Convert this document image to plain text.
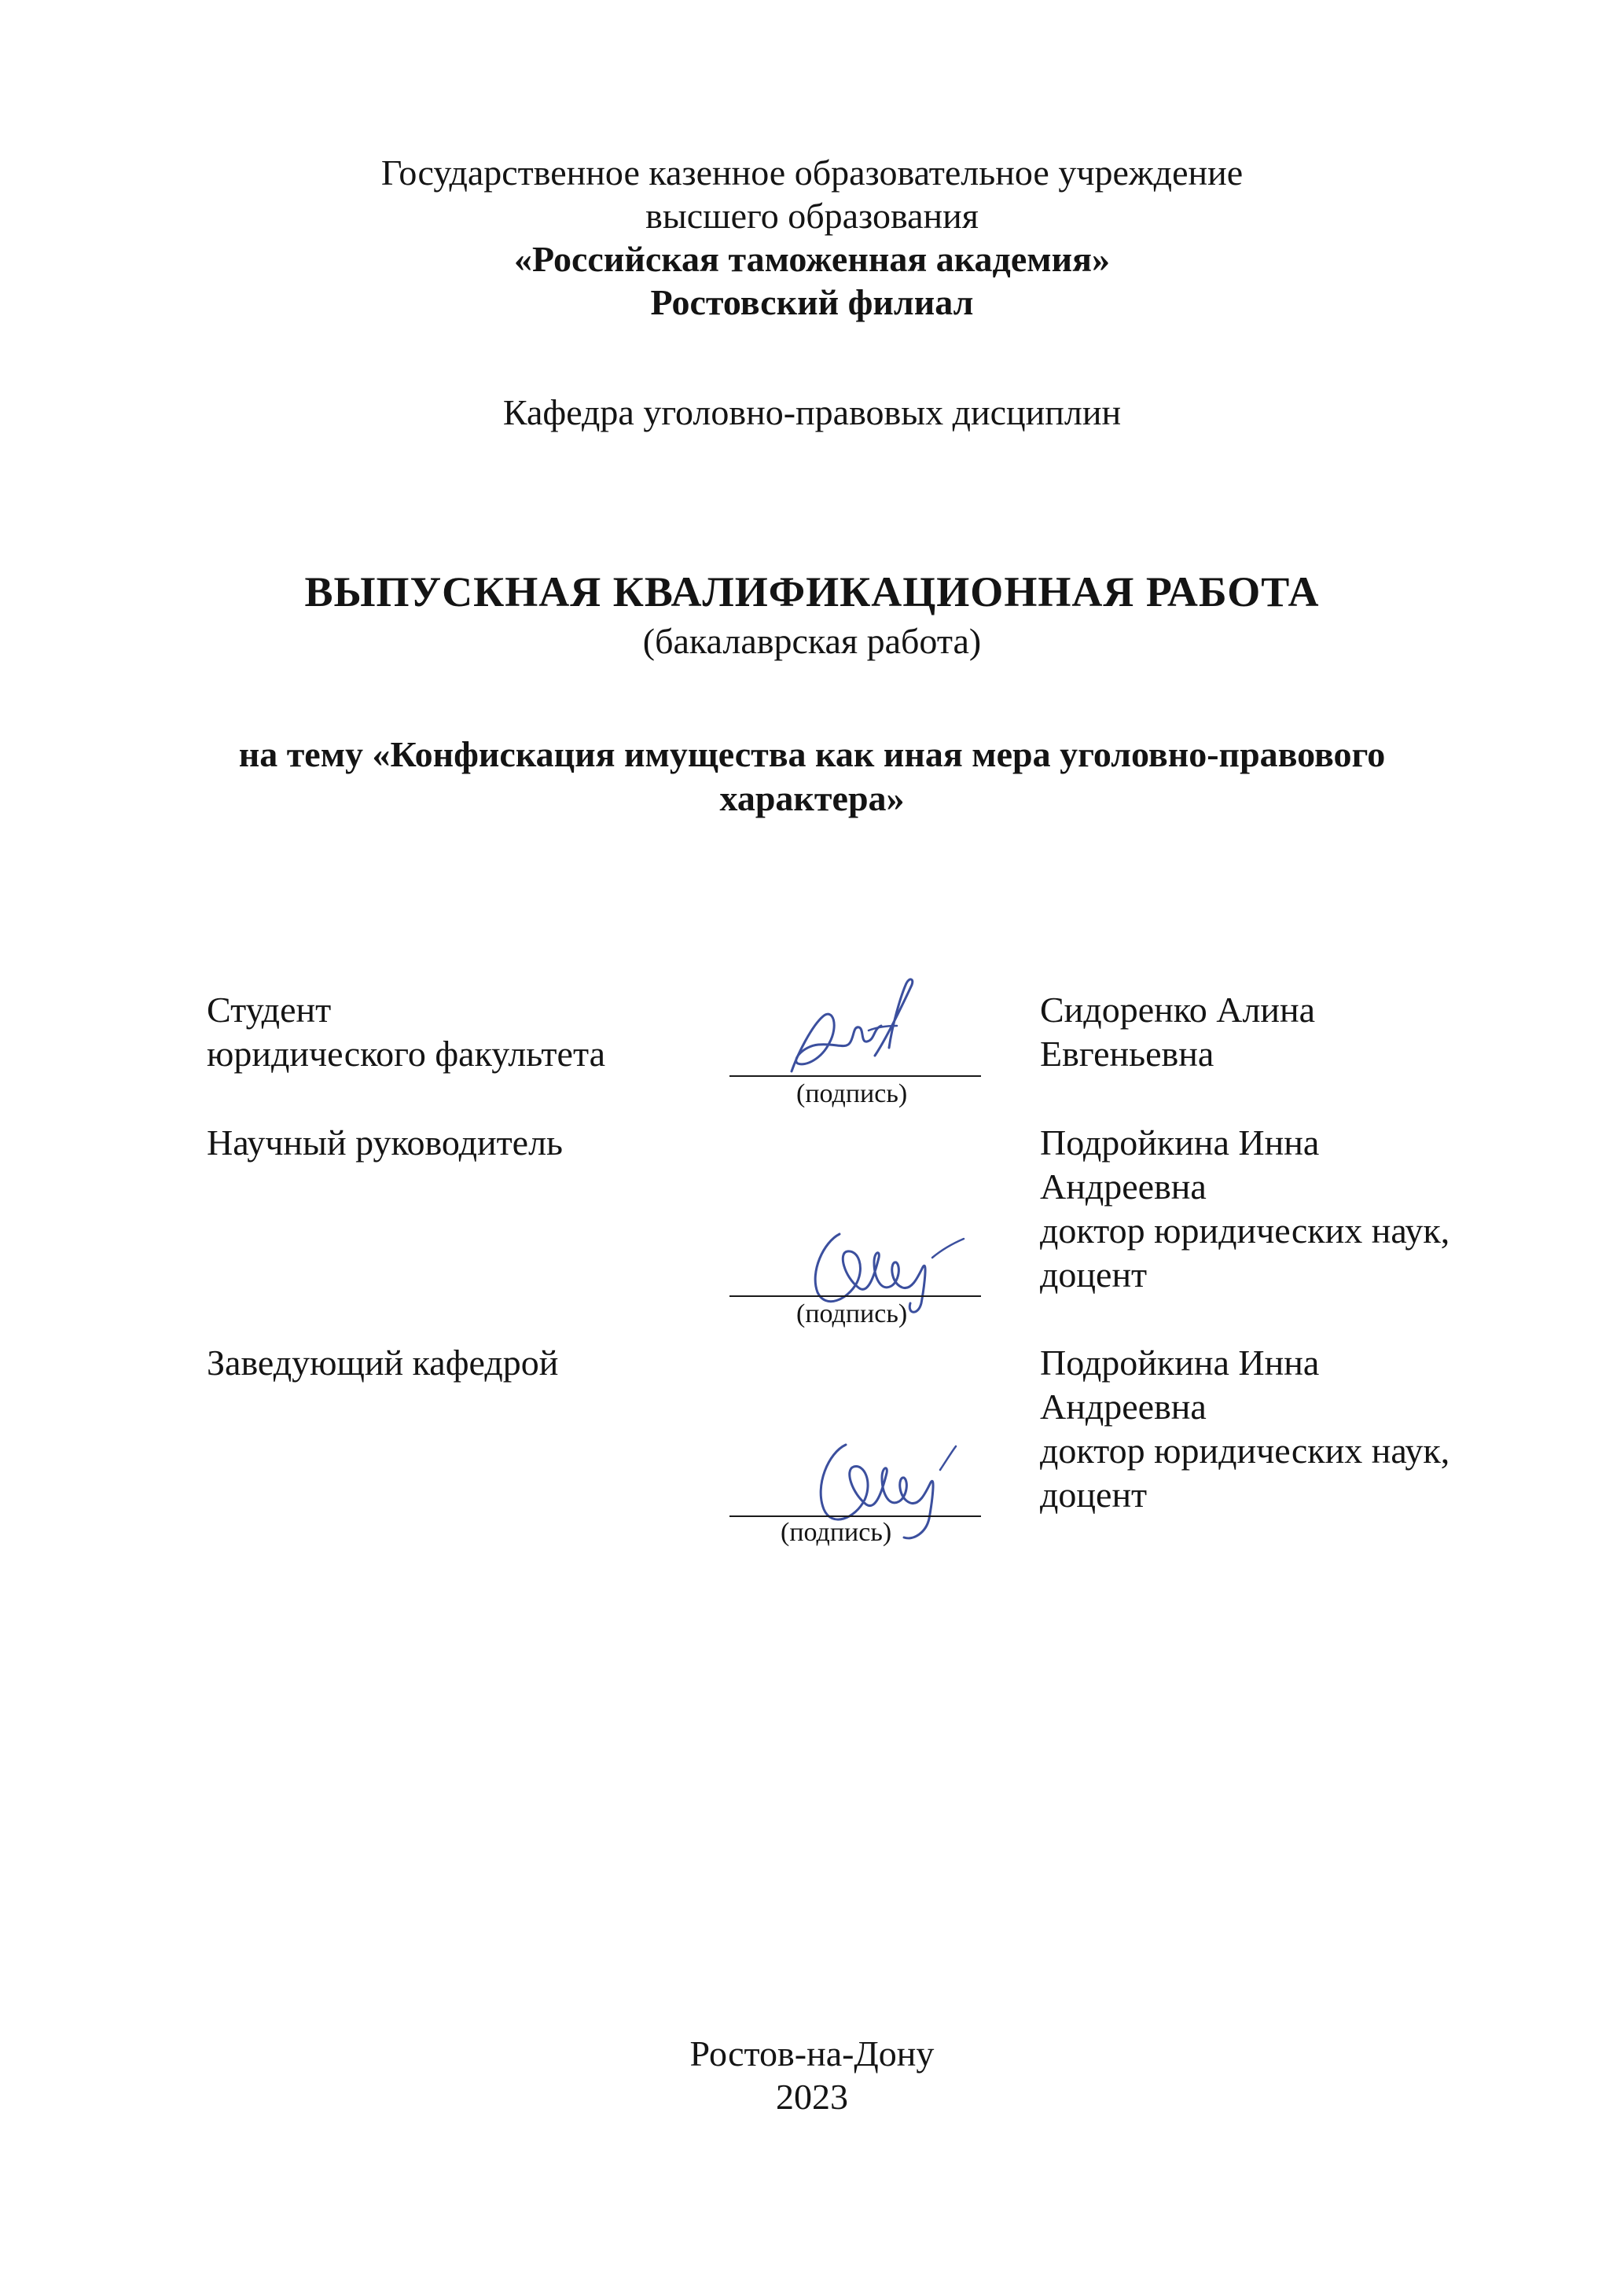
Государственное казенное образовательное учреждение
высшего образования
«Российская таможенная академия»
Ростовский филиал
Кафедра уголовно-правовых дисциплин
ВЫПУСКНАЯ КВАЛИФИКАЦИОННАЯ РАБОТА
(бакалаврская работа)
на тему «Конфискация имущества как иная мера уголовно-правового
характера»
Студент
юридического факультета
Сидоренко Алина
Евгеньевна
(подпись)
Научный руководитель	Подройкина Инна
Андреевна
доктор юридических наук,
доцент
(подпись)
Заведующий кафедрой	Подройкина Инна
Андреевна
доктор юридических наук,
доцент
(подпись)
Ростов-на-Дону
2023
